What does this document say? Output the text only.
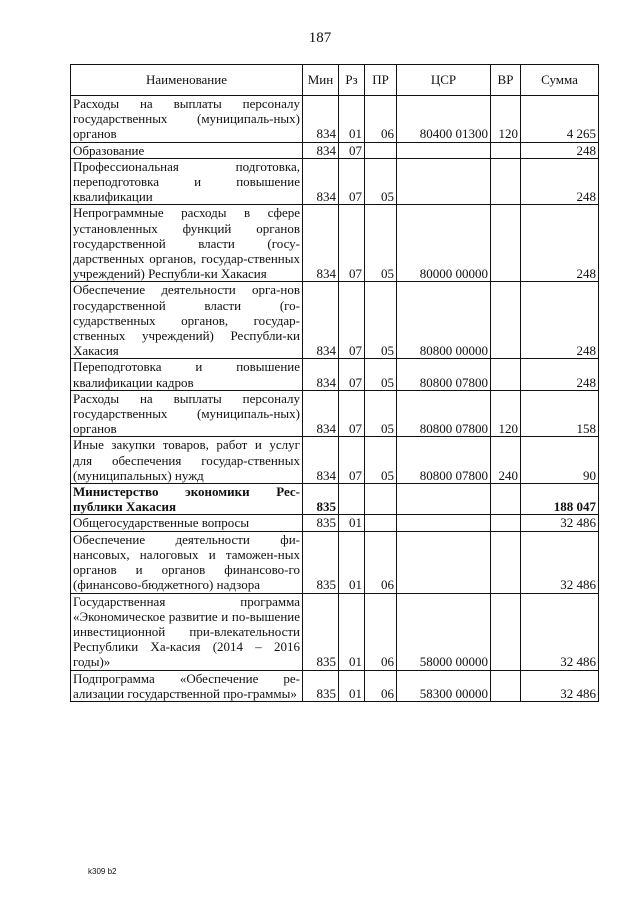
187
Наименование	Мин	Рз	ПР	ЦСР	ВР	Сумма
Расходы на выплаты персоналу государственных (муниципаль-ных) органов	834	01	06	80400 01300	120	4 265
Образование	834	07				248
Профессиональная подготовка, переподготовка и повышение квалификации	834	07	05			248
Непрограммные расходы в сфере установленных функций органов государственной власти (госу-дарственных органов, государ-ственных учреждений) Республи-ки Хакасия	834	07	05	80000 00000		248
Обеспечение деятельности орга-нов государственной власти (го-сударственных органов, государ-ственных учреждений) Республи-ки Хакасия	834	07	05	80800 00000		248
Переподготовка и повышение квалификации кадров	834	07	05	80800 07800		248
Расходы на выплаты персоналу государственных (муниципаль-ных) органов	834	07	05	80800 07800	120	158
Иные закупки товаров, работ и услуг для обеспечения государ-ственных (муниципальных) нужд	834	07	05	80800 07800	240	90
Министерство экономики Рес-публики Хакасия	835					188 047
Общегосударственные вопросы	835	01				32 486
Обеспечение деятельности фи-нансовых, налоговых и таможен-ных органов и органов финансово-го (финансово-бюджетного) надзора	835	01	06			32 486
Государственная программа «Экономическое развитие и по-вышение инвестиционной при-влекательности Республики Ха-касия (2014 – 2016 годы)»	835	01	06	58000 00000		32 486
Подпрограмма «Обеспечение ре-ализации государственной про-граммы»	835	01	06	58300 00000		32 486
k309 b2
